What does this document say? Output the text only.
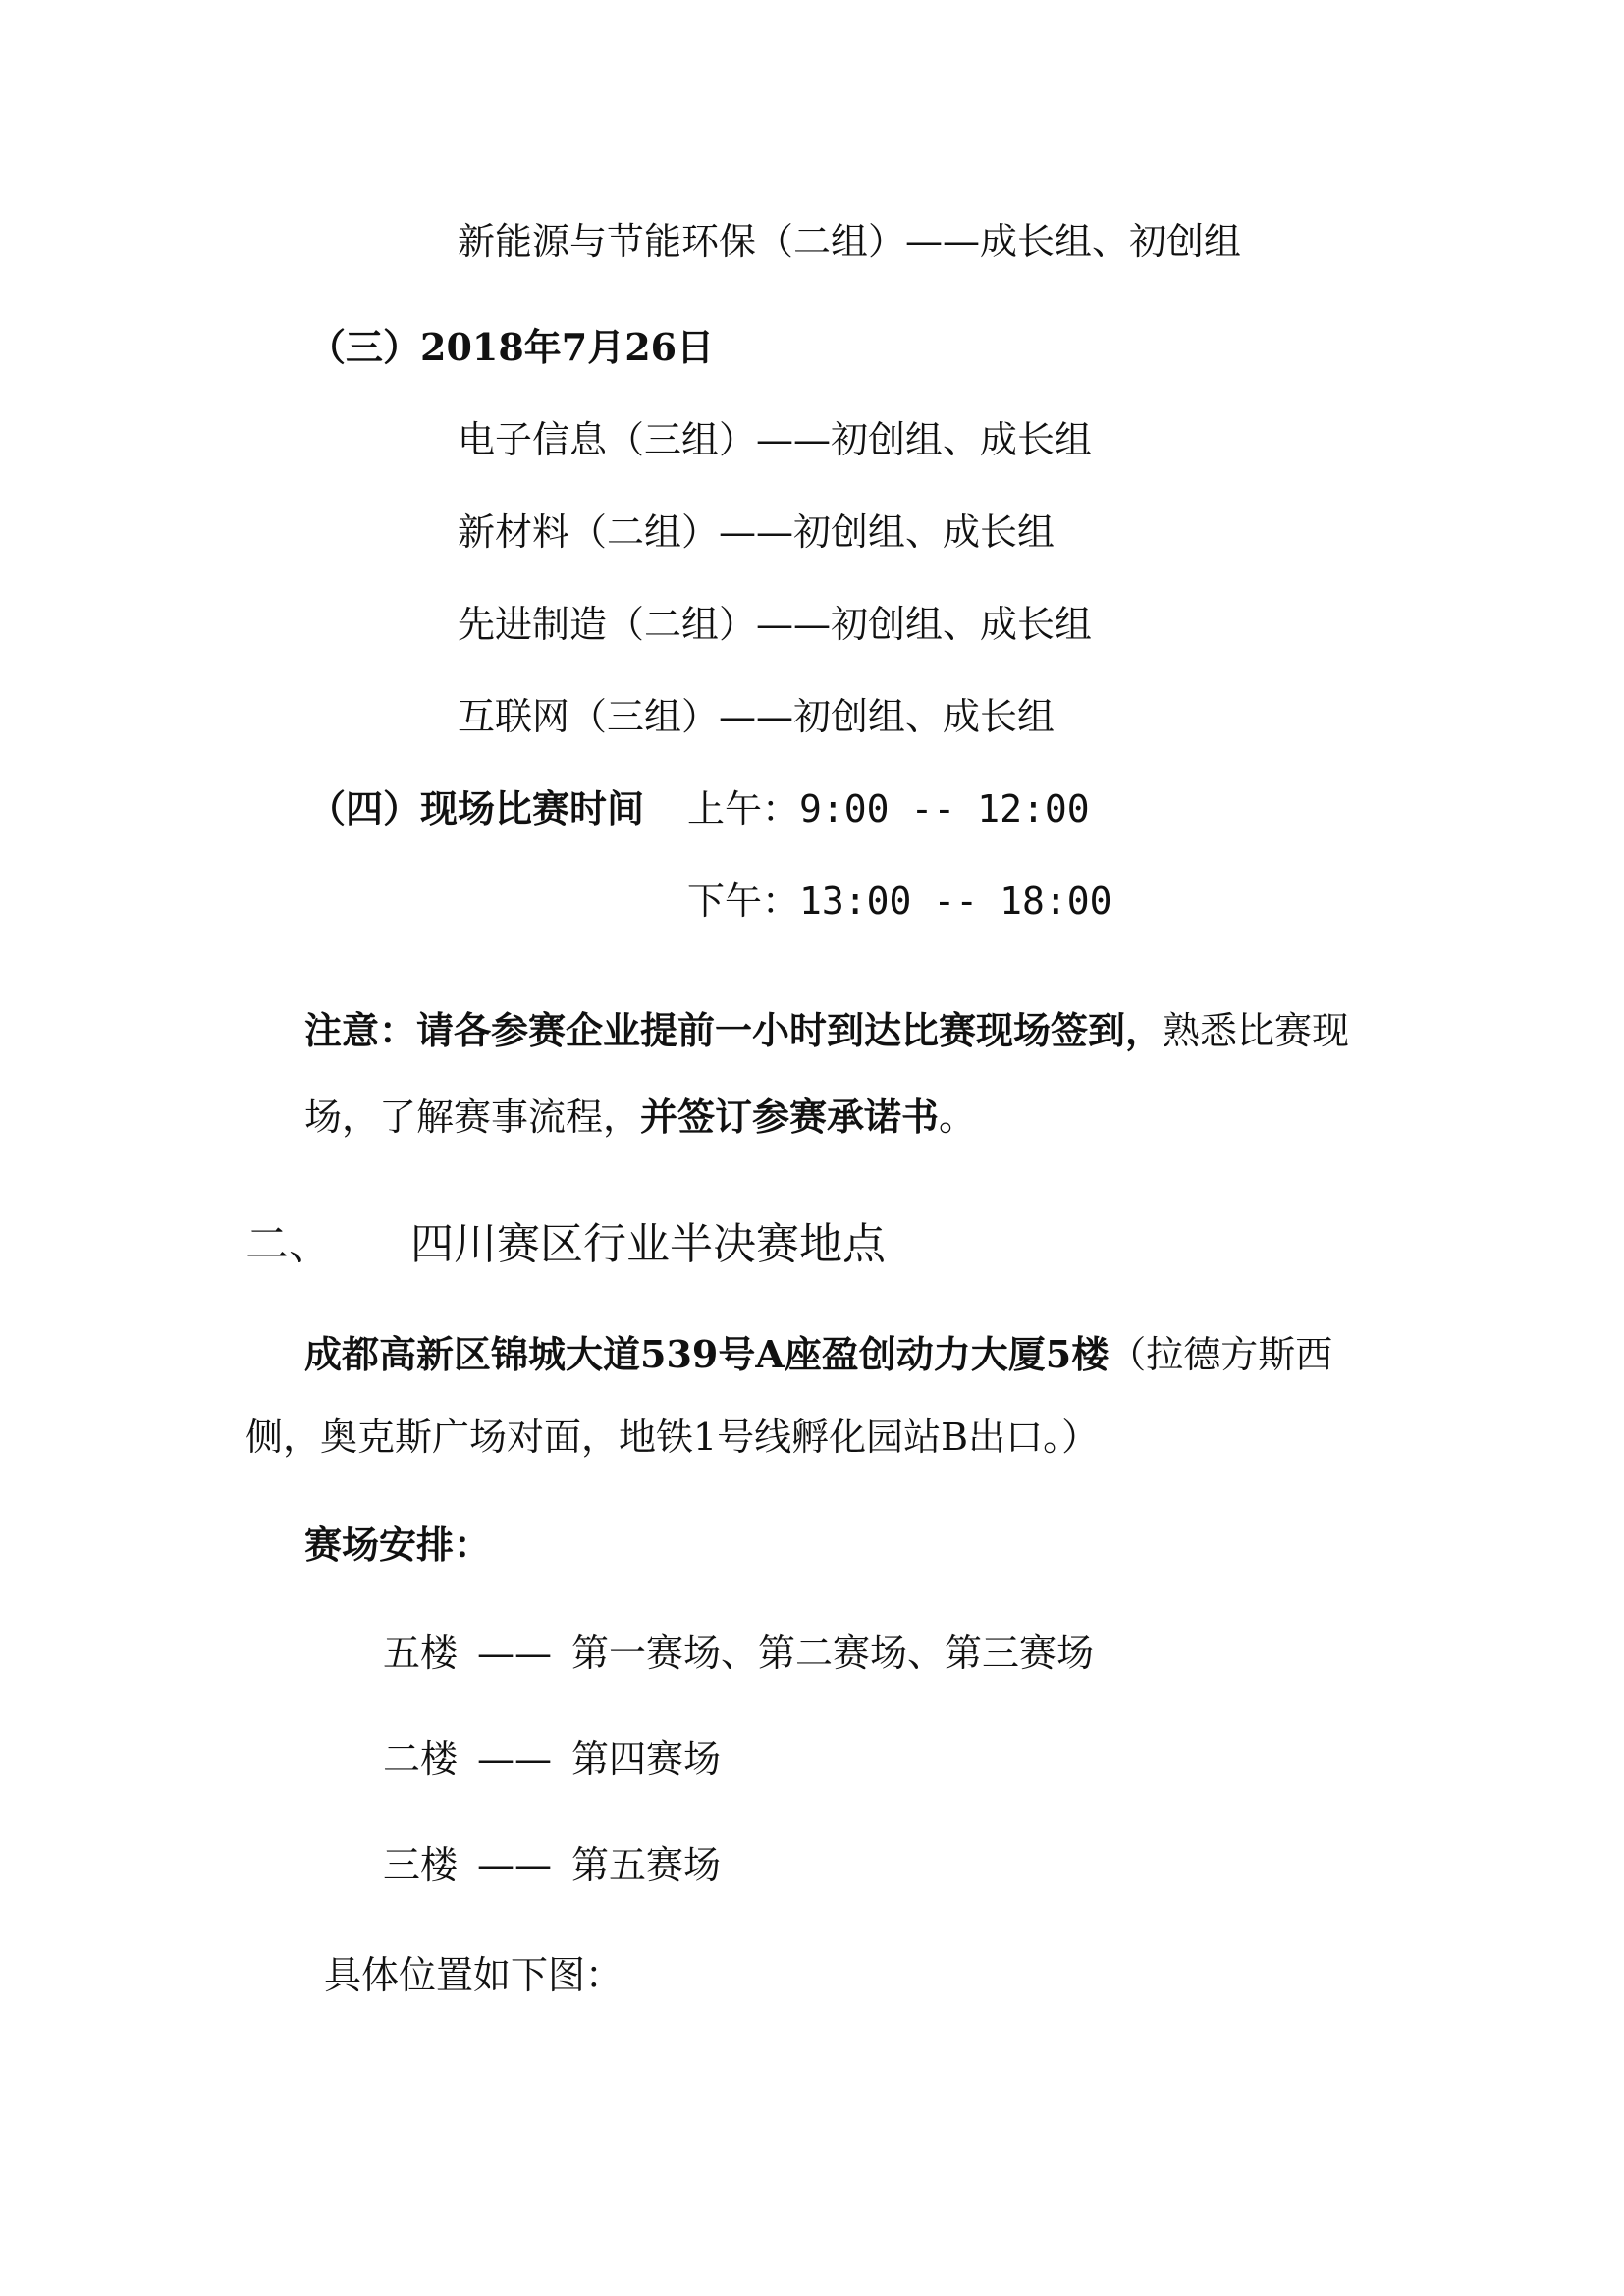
新能源与节能环保（二组）——成长组、初创组

（三）2018年7月26日

电子信息（三组）——初创组、成长组

新材料（二组）——初创组、成长组

先进制造（二组）——初创组、成长组

互联网（三组）——初创组、成长组

（四）现场比赛时间 上午：9:00 -- 12:00

下午：13:00 -- 18:00

注意：请各参赛企业提前一小时到达比赛现场签到，熟悉比赛现

场，了解赛事流程，并签订参赛承诺书。

二、 四川赛区行业半决赛地点

成都高新区锦城大道539号A座盈创动力大厦5楼（拉德方斯西

侧，奥克斯广场对面，地铁1号线孵化园站B出口。）

赛场安排：

五楼 —— 第一赛场、第二赛场、第三赛场

二楼 —— 第四赛场

三楼 —— 第五赛场

具体位置如下图：
